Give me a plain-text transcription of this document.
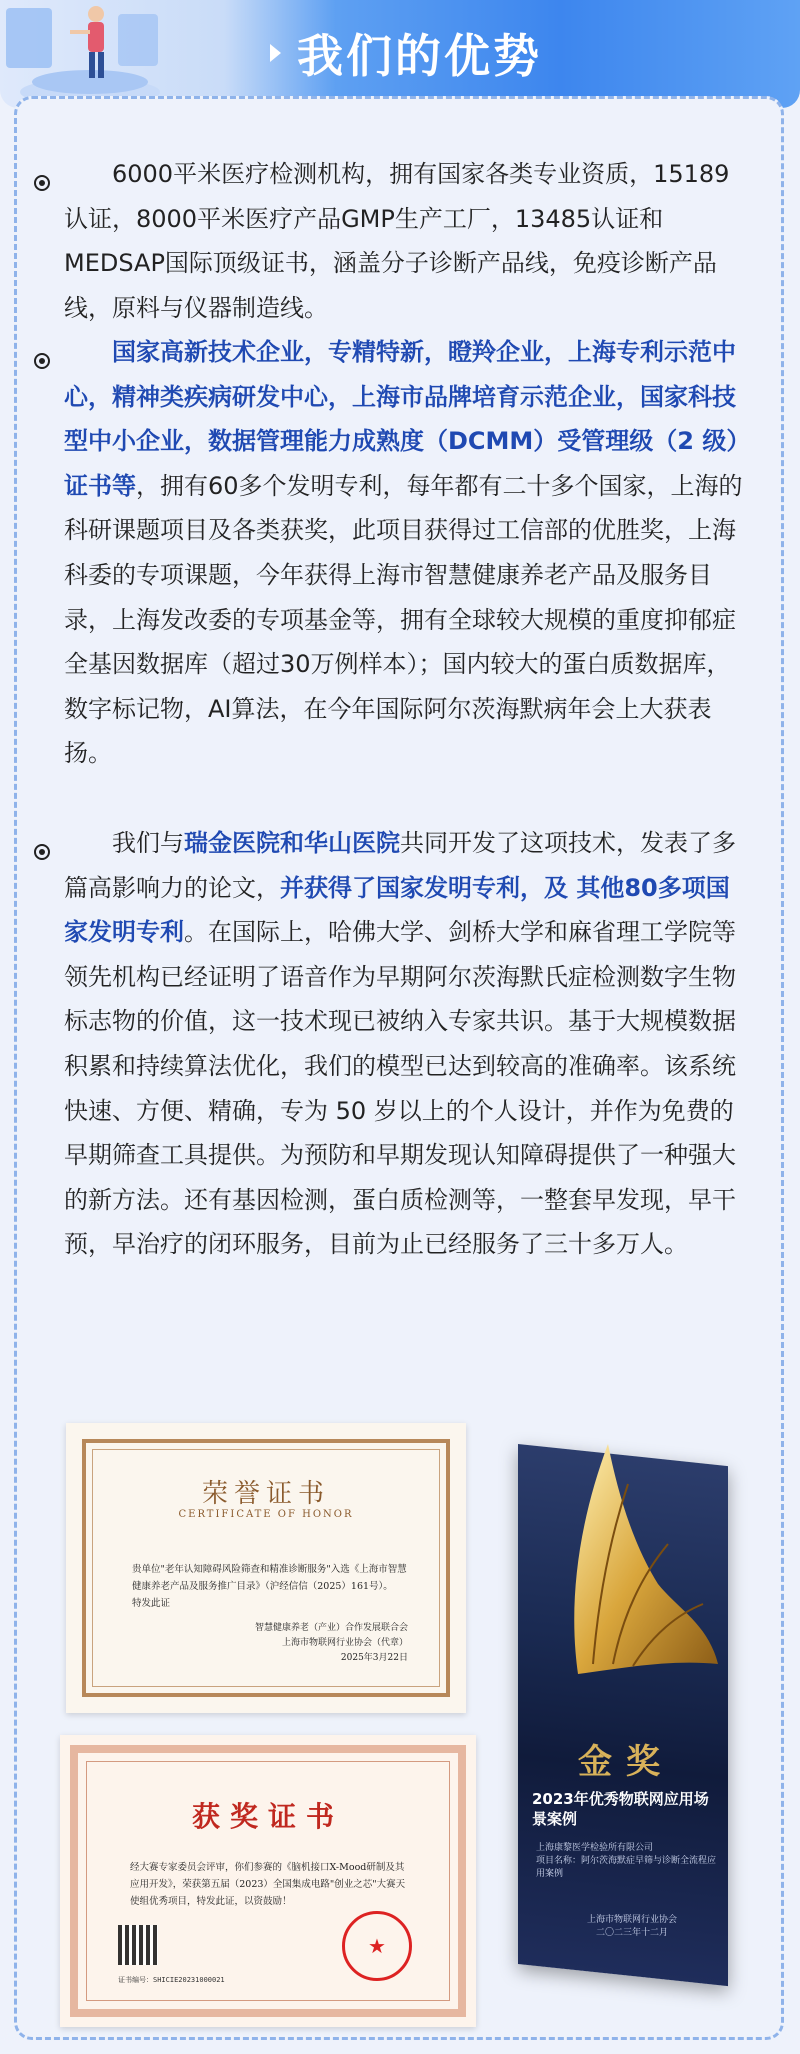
我们的优势
6000平米医疗检测机构，拥有国家各类专业资质，15189认证，8000平米医疗产品GMP生产工厂，13485认证和MEDSAP国际顶级证书，涵盖分子诊断产品线，免疫诊断产品线，原料与仪器制造线。
国家高新技术企业，专精特新，瞪羚企业，上海专利示范中心，精神类疾病研发中心，上海市品牌培育示范企业，国家科技型中小企业，数据管理能力成熟度（DCMM）受管理级（2 级）证书等，拥有60多个发明专利，每年都有二十多个国家，上海的科研课题项目及各类获奖，此项目获得过工信部的优胜奖，上海科委的专项课题，今年获得上海市智慧健康养老产品及服务目录，上海发改委的专项基金等，拥有全球较大规模的重度抑郁症全基因数据库（超过30万例样本）；国内较大的蛋白质数据库，数字标记物，AI算法，在今年国际阿尔茨海默病年会上大获表扬。
我们与瑞金医院和华山医院共同开发了这项技术，发表了多篇高影响力的论文，并获得了国家发明专利，及 其他80多项国家发明专利。在国际上，哈佛大学、剑桥大学和麻省理工学院等领先机构已经证明了语音作为早期阿尔茨海默氏症检测数字生物标志物的价值，这一技术现已被纳入专家共识。基于大规模数据积累和持续算法优化，我们的模型已达到较高的准确率。该系统快速、方便、精确，专为 50 岁以上的个人设计，并作为免费的早期筛查工具提供。为预防和早期发现认知障碍提供了一种强大的新方法。还有基因检测，蛋白质检测等，一整套早发现，早干预，早治疗的闭环服务，目前为止已经服务了三十多万人。
荣誉证书
CERTIFICATE OF HONOR
贵单位"老年认知障碍风险筛查和精准诊断服务"入选《上海市智慧健康养老产品及服务推广目录》（沪经信信（2025）161号）。
特发此证
智慧健康养老（产业）合作发展联合会
上海市物联网行业协会（代章）
2025年3月22日
获奖证书
经大赛专家委员会评审，你们参赛的《脑机接口X-Mood研制及其应用开发》，荣获第五届（2023）全国集成电路"创业之芯"大赛天使组优秀项目，特发此证，以资鼓励！
证书编号：SHICIE20231000021
★
金奖
2023年优秀物联网应用场景案例
上海康黎医学检验所有限公司
项目名称：阿尔茨海默症早筛与诊断全流程应用案例
上海市物联网行业协会
二〇二三年十二月
